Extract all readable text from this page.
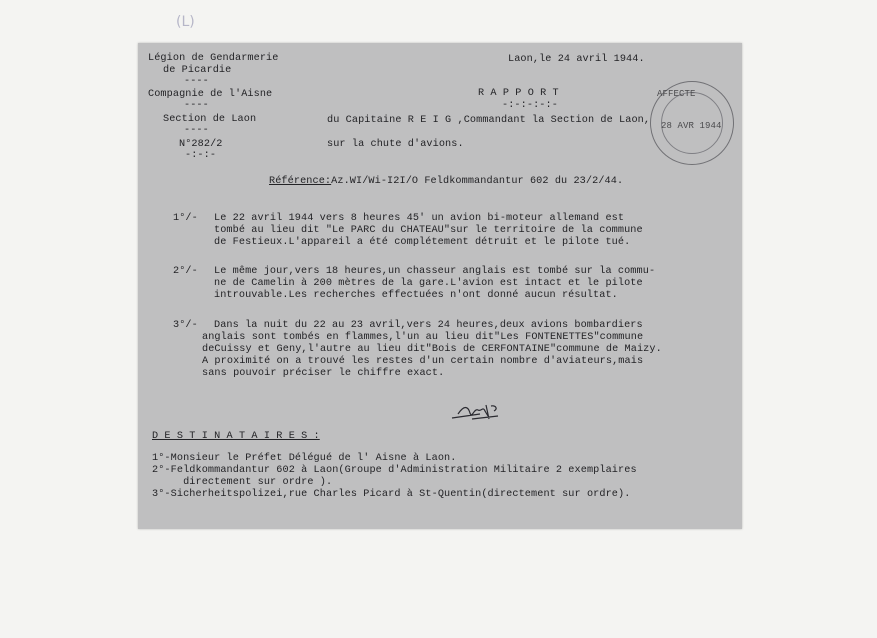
(L)
Légion de Gendarmerie
de Picardie
----
Compagnie de l'Aisne
----
Section de Laon
----
N°282/2
-:-:-
Laon,le 24 avril 1944.
R A P P O R T
-:-:-:-:-
du Capitaine R E I G ,Commandant la Section de Laon,
sur la chute d'avions.
AFFECTE
28 AVR 1944
Référence:Az.WI/Wi-I2I/O Feldkommandantur 602 du 23/2/44.
1°/- Le 22 avril 1944 vers 8 heures 45' un avion bi-moteur allemand est
tombé au lieu dit "Le PARC du CHATEAU"sur le territoire de la commune
de Festieux.L'appareil a été complétement détruit et le pilote tué.
2°/- Le même jour,vers 18 heures,un chasseur anglais est tombé sur la commu-
ne de Camelin à 200 mètres de la gare.L'avion est intact et le pilote
introuvable.Les recherches effectuées n'ont donné aucun résultat.
3°/- Dans la nuit du 22 au 23 avril,vers 24 heures,deux avions bombardiers
anglais sont tombés en flammes,l'un au lieu dit"Les FONTENETTES"commune
deCuissy et Geny,l'autre au lieu dit"Bois de CERFONTAINE"commune de Maizy.
A proximité on a trouvé les restes d'un certain nombre d'aviateurs,mais
sans pouvoir préciser le chiffre exact.
D E S T I N A T A I R E S :
1°-Monsieur le Préfet Délégué de l' Aisne à Laon.
2°-Feldkommandantur 602 à Laon(Groupe d'Administration Militaire 2 exemplaires
directement sur ordre ).
3°-Sicherheitspolizei,rue Charles Picard à St-Quentin(directement sur ordre).
